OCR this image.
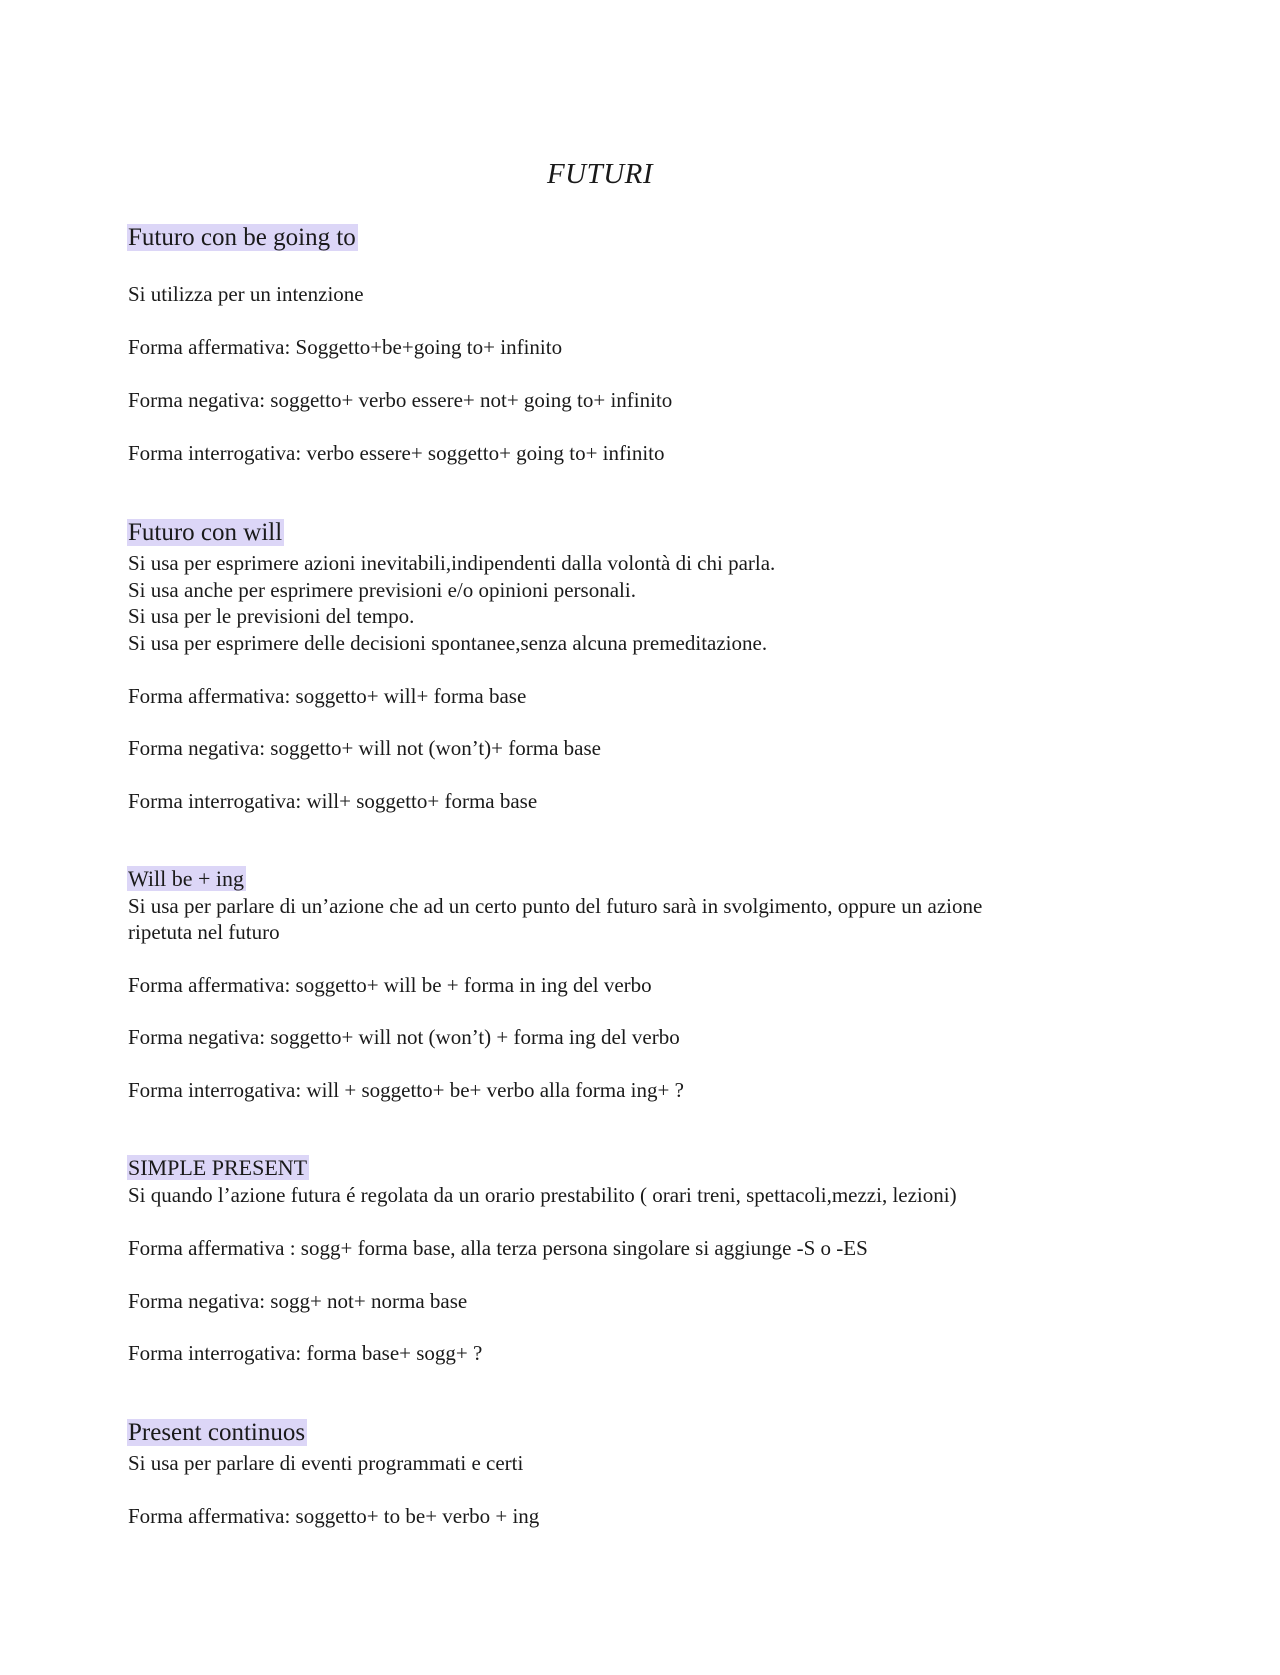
FUTURI
Futuro con be going to
Si utilizza per un intenzione
Forma affermativa: Soggetto+be+going to+ infinito
Forma negativa: soggetto+ verbo essere+ not+ going to+ infinito
Forma interrogativa: verbo essere+ soggetto+ going to+ infinito
Futuro con will
Si usa per esprimere azioni inevitabili,indipendenti dalla volontà di chi parla.
Si usa anche per esprimere previsioni e/o opinioni personali.
Si usa per le previsioni del tempo.
Si usa per esprimere delle decisioni spontanee,senza alcuna premeditazione.
Forma affermativa: soggetto+ will+ forma base
Forma negativa: soggetto+ will not (won’t)+ forma base
Forma interrogativa: will+ soggetto+ forma base
Will be + ing
Si usa per parlare di un’azione che ad un certo punto del futuro sarà in svolgimento, oppure un azione
ripetuta nel futuro
Forma affermativa: soggetto+ will be + forma in ing del verbo
Forma negativa: soggetto+ will not (won’t) + forma ing del verbo
Forma interrogativa: will + soggetto+ be+ verbo alla forma ing+ ?
SIMPLE PRESENT
Si quando l’azione futura é regolata da un orario prestabilito ( orari treni, spettacoli,mezzi, lezioni)
Forma affermativa : sogg+ forma base, alla terza persona singolare si aggiunge -S o -ES
Forma negativa: sogg+ not+ norma base
Forma interrogativa: forma base+ sogg+ ?
Present continuos
Si usa per parlare di eventi programmati e certi
Forma affermativa: soggetto+ to be+ verbo + ing
